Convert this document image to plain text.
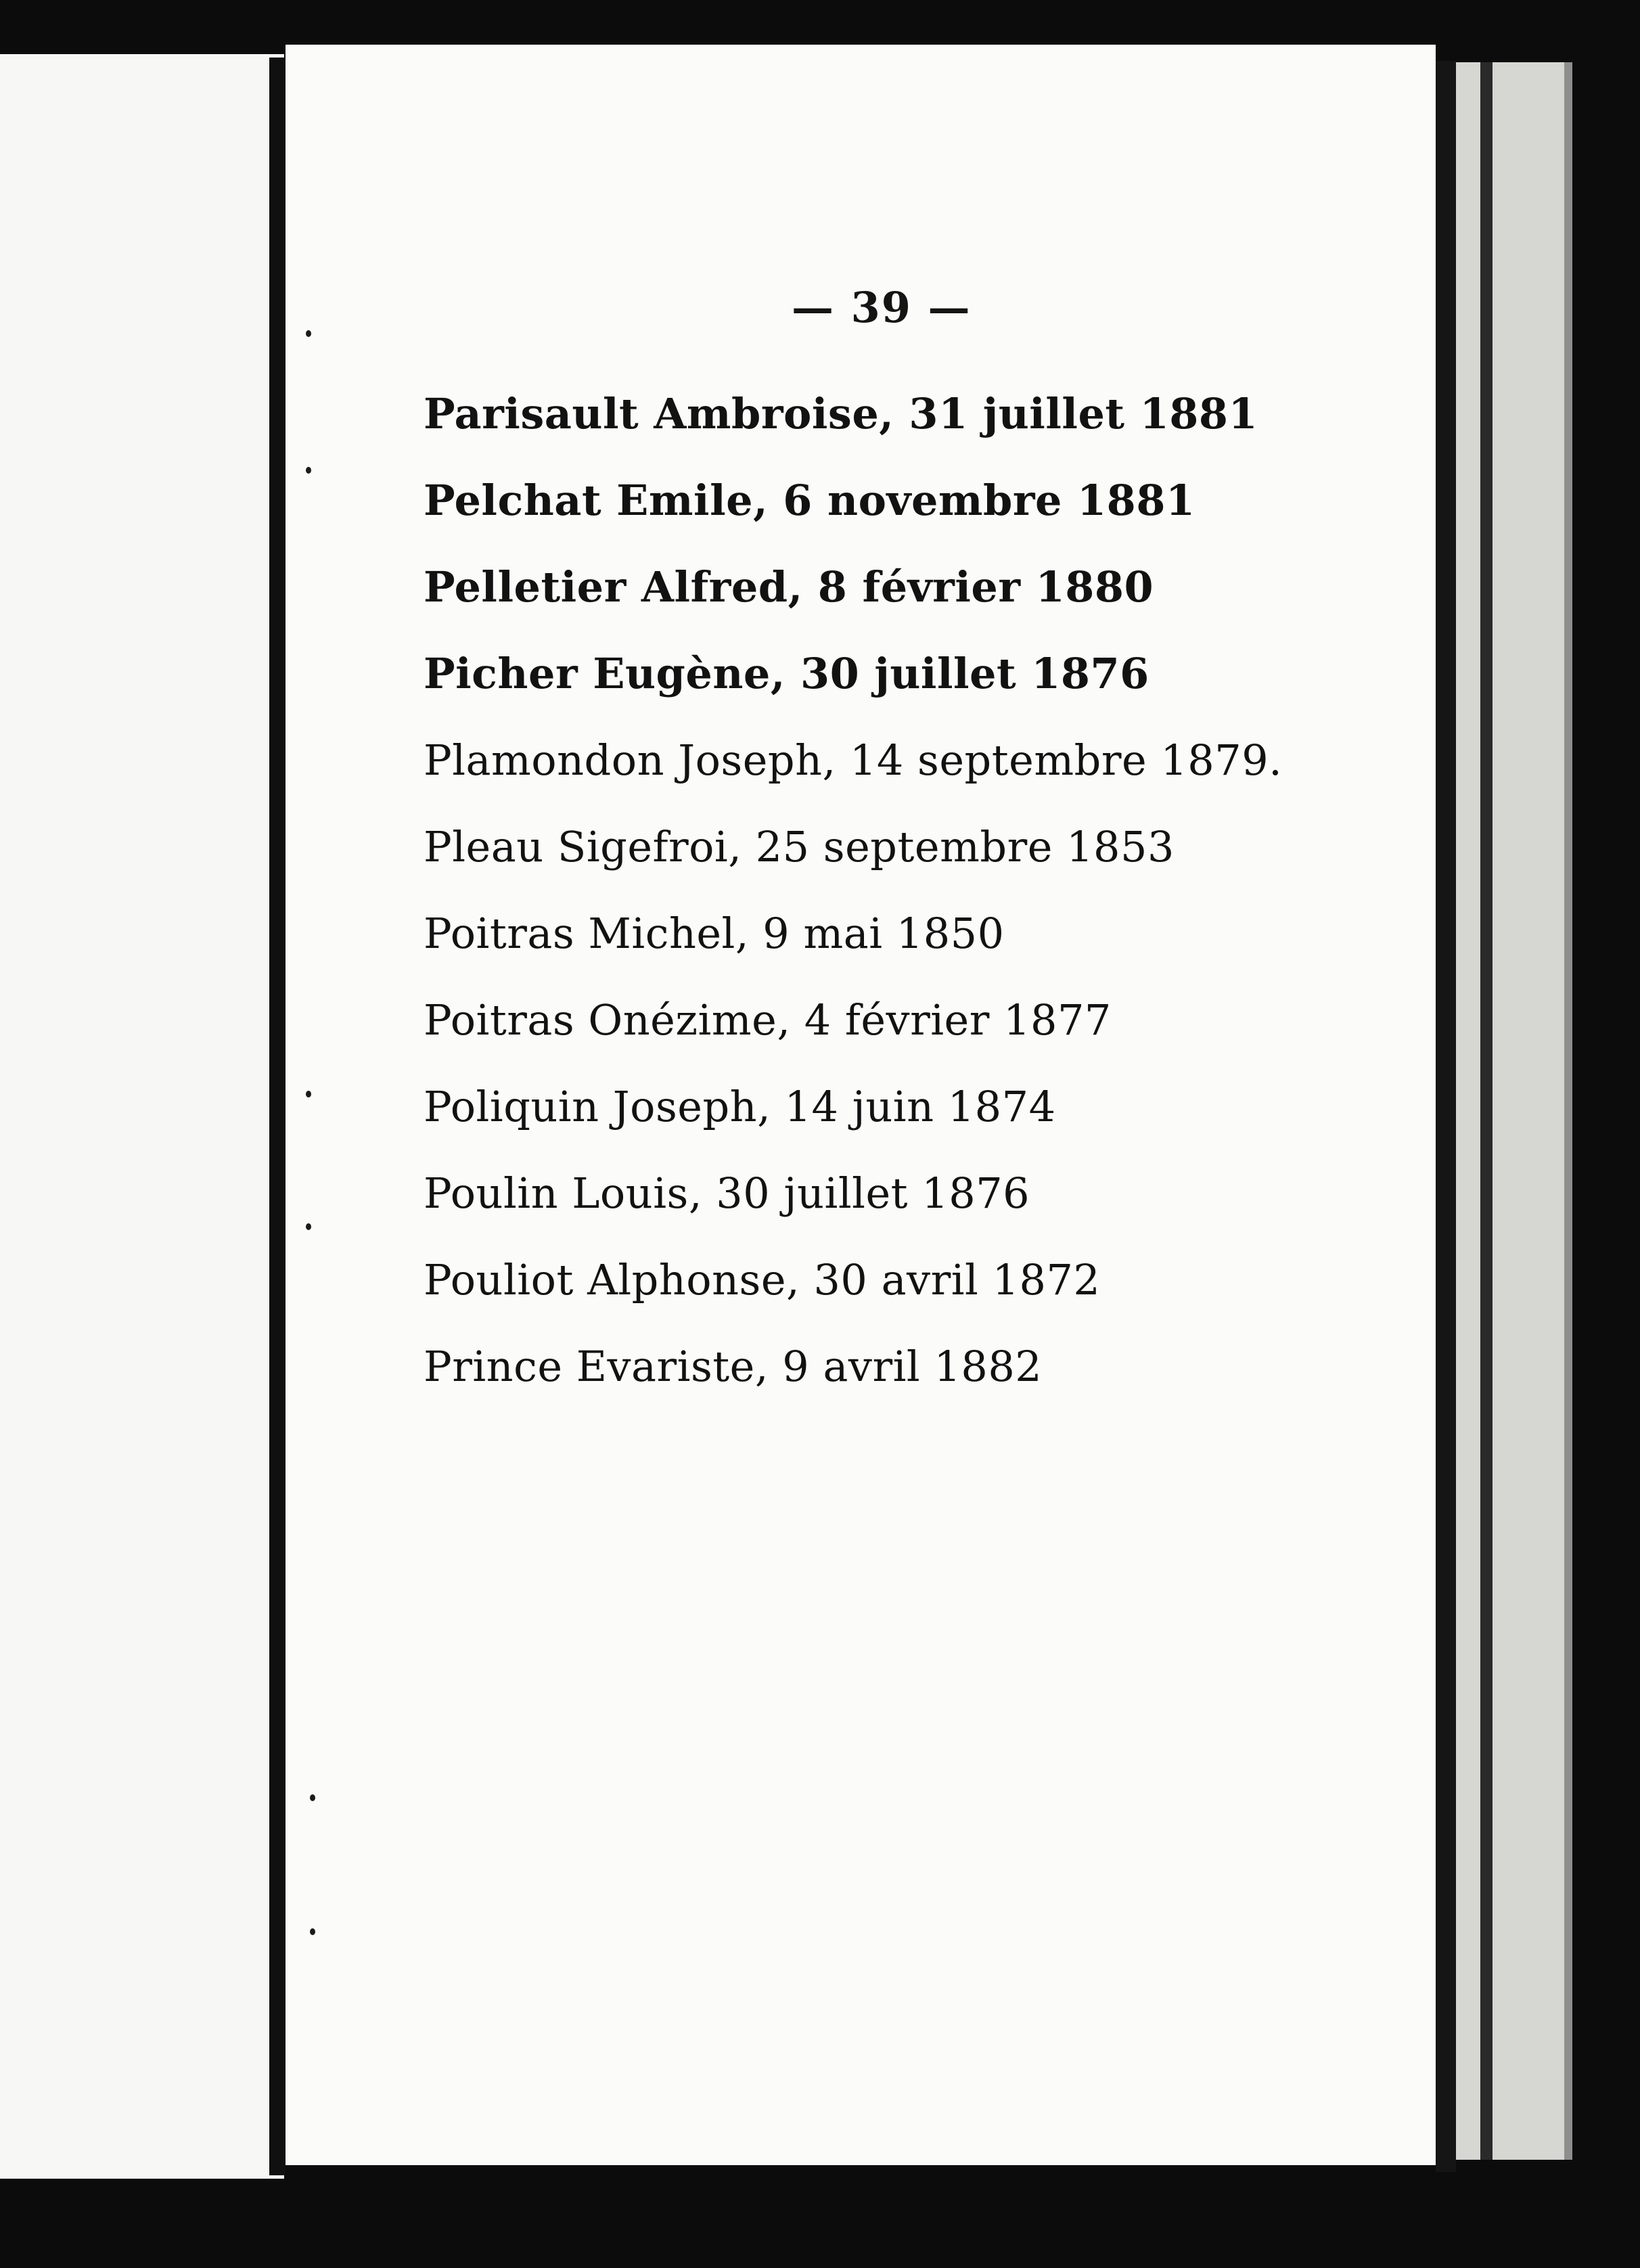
— 39 —
Parisault Ambroise, 31 juillet 1881
Pelchat Emile, 6 novembre 1881
Pelletier Alfred, 8 février 1880
Picher Eugène, 30 juillet 1876
Plamondon Joseph, 14 septembre 1879.
Pleau Sigefroi, 25 septembre 1853
Poitras Michel, 9 mai 1850
Poitras Onézime, 4 février 1877
Poliquin Joseph, 14 juin 1874
Poulin Louis, 30 juillet 1876
Pouliot Alphonse, 30 avril 1872
Prince Evariste, 9 avril 1882
